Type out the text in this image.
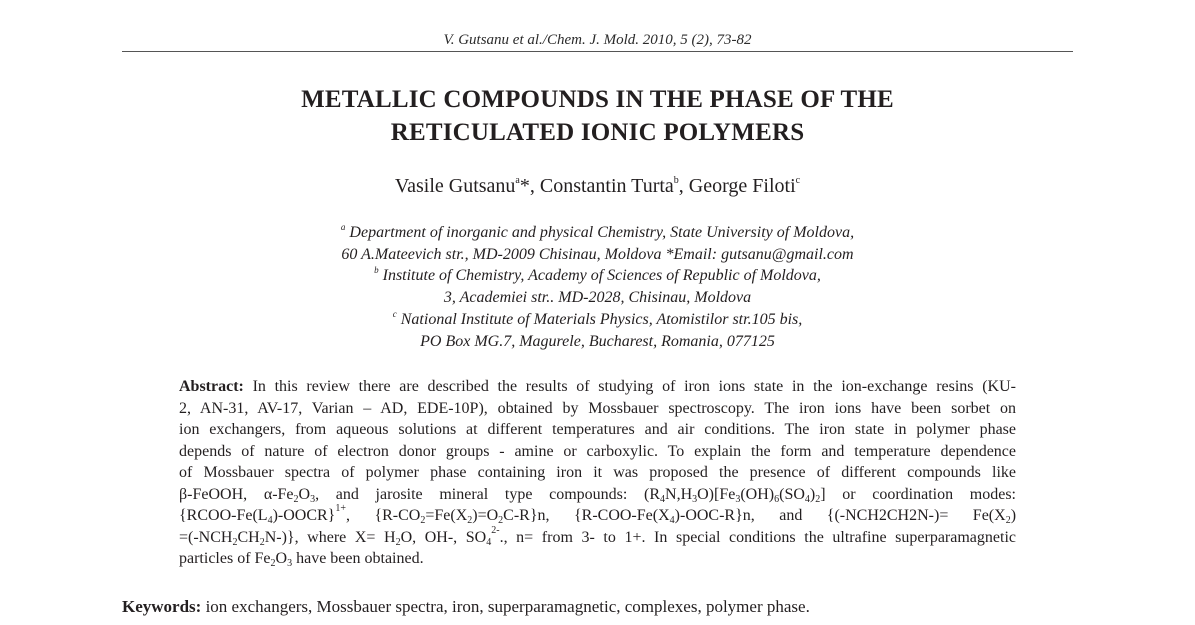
V. Gutsanu et al./Chem. J. Mold. 2010, 5 (2), 73-82
METALLIC COMPOUNDS IN THE PHASE OF THE
RETICULATED IONIC POLYMERS
Vasile Gutsanu$^a$*, Constantin Turta$^b$, George Filoti$^c$
$^a$ Department of inorganic and physical Chemistry, State University of Moldova,
60 A.Mateevich str., MD-2009 Chisinau, Moldova *Email: gutsanu@gmail.com
$^b$ Institute of Chemistry, Academy of Sciences of Republic of Moldova,
3, Academiei str.. MD-2028, Chisinau, Moldova
$^c$ National Institute of Materials Physics, Atomistilor str.105 bis,
PO Box MG.7, Magurele, Bucharest, Romania, 077125
Abstract: In this review there are described the results of studying of iron ions state in the ion-exchange resins (KU-
2, AN-31, AV-17, Varian – AD, EDE-10P), obtained by Mossbauer spectroscopy. The iron ions have been sorbet on
ion exchangers, from aqueous solutions at different temperatures and air conditions. The iron state in polymer phase
depends of nature of electron donor groups - amine or carboxylic. To explain the form and temperature dependence
of Mossbauer spectra of polymer phase containing iron it was proposed the presence of different compounds like
β-FeOOH, $\alpha-Fe_2O_3$, and jarosite mineral type compounds: $(R_4N,H_3O)[Fe_3(OH)_6(SO_4)_2]$ or coordination modes:
$\{RCOO-Fe(L_4)-OOCR\}^{1+}$, $\{R-CO_2=Fe(X_2)=O_2C-R\}n$, $\{R-COO-Fe(X_4)-OOC-R\}n$, and {$(-NCH2CH2N-)= Fe(X_2)$
$=(-NCH_2CH_2N-)$}, where $X= H_2O$, OH-, $SO_4^{2-}$., n= from 3- to 1+. In special conditions the ultrafine superparamagnetic
particles of $Fe_2O_3$ have been obtained.
Keywords: ion exchangers, Mossbauer spectra, iron, superparamagnetic, complexes, polymer phase.
